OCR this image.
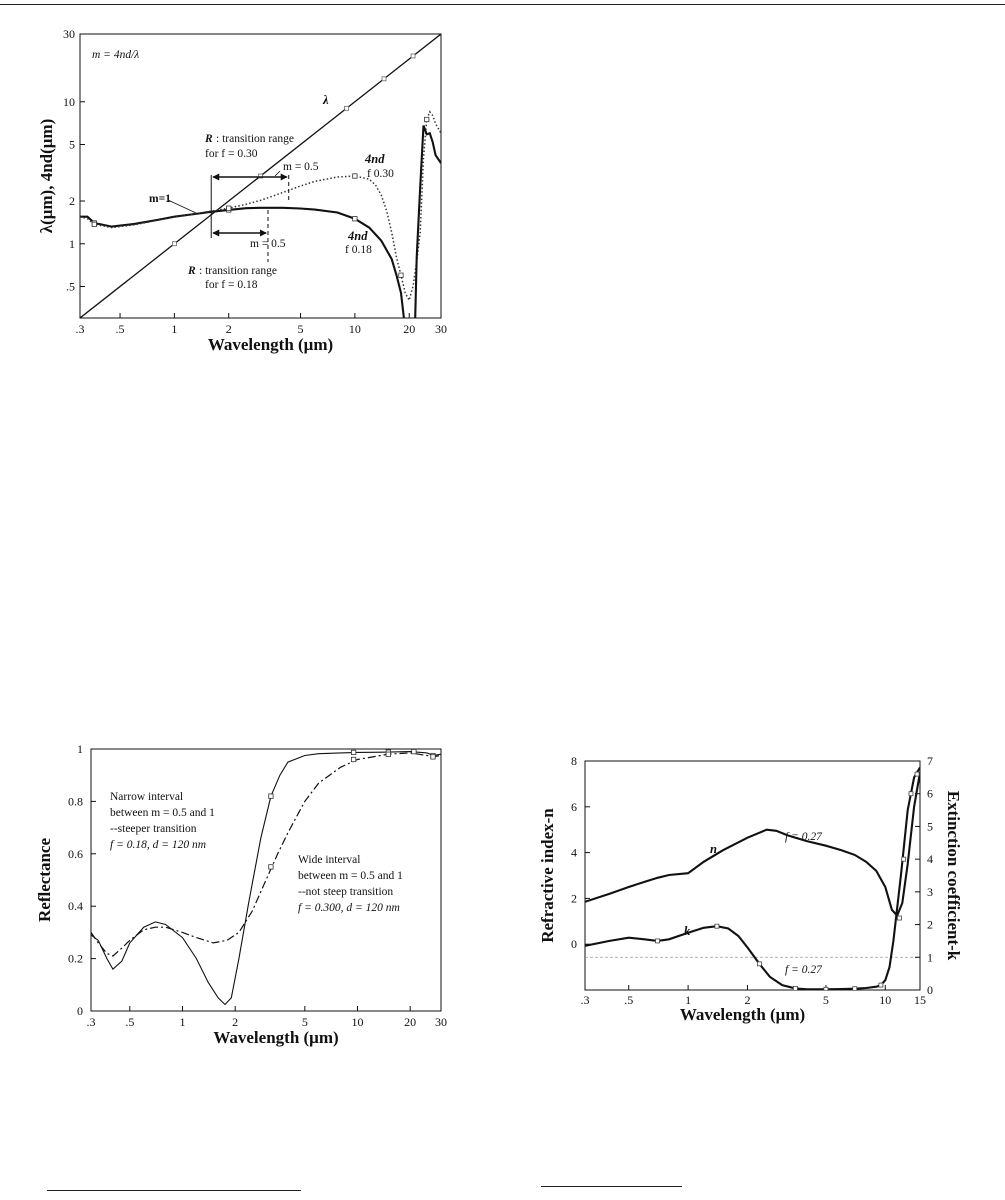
.3	.5	1	2	5	10	20 30
.5
1
2
5
10
30
Wavelength (μm)
λ(μm), 4nd(μm)
m = 4nd/λ
λ
R : transition range
for f = 0.30
m = 0.5
m=1
m = 0.5
R : transition range
for f = 0.18
4nd
f 0.30
4nd
f 0.18
.3 .5	1	2	5	10	20 30
0
0.2
0.4
0.6
0.8
1
Wavelength (μm)
Reflectance
Narrow interval
between m = 0.5 and 1
--steeper transition
f = 0.18, d = 120 nm
Wide interval
between m = 0.5 and 1
--not steep transition
f = 0.300, d = 120 nm
.3	.5	1	2	5	10 15
0
2
4
6
8
0
1
2
3
4
5
6
7
Wavelength (μm)
Refractive index-n	Extinction coefficient-k
n
f = 0.27
k
f = 0.27
